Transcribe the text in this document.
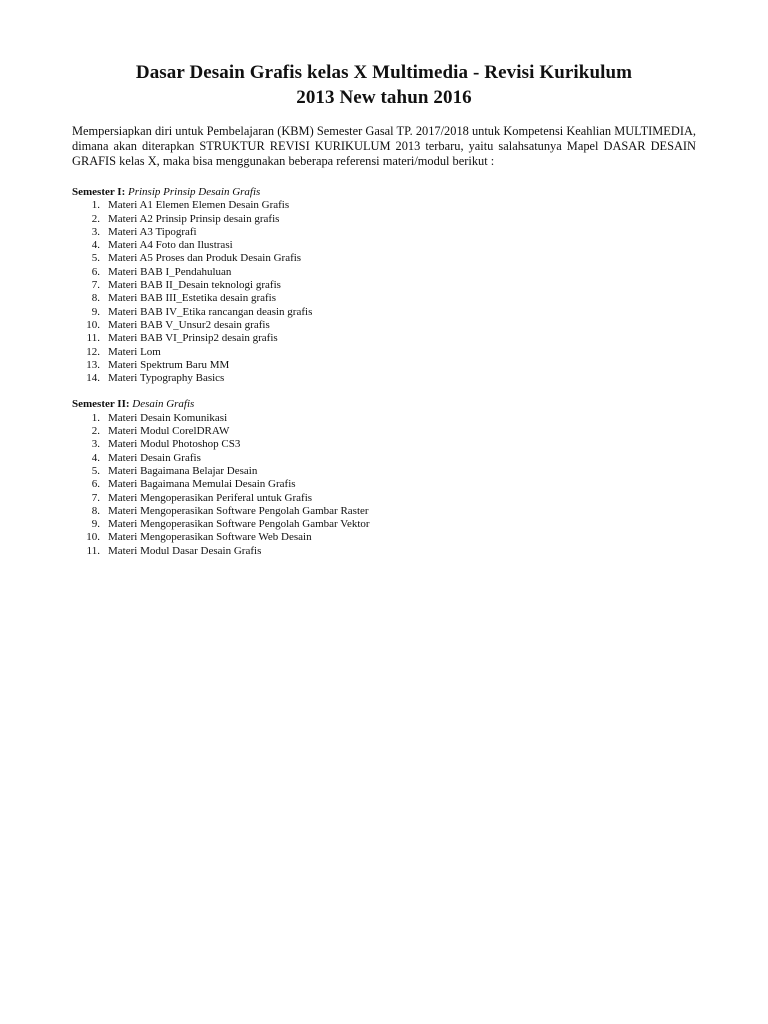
Dasar Desain Grafis kelas X Multimedia - Revisi Kurikulum
2013 New tahun 2016

Mempersiapkan diri untuk Pembelajaran (KBM) Semester Gasal TP. 2017/2018 untuk Kompetensi Keahlian MULTIMEDIA, dimana akan diterapkan STRUKTUR REVISI KURIKULUM 2013 terbaru, yaitu salahsatunya Mapel DASAR DESAIN GRAFIS kelas X, maka bisa menggunakan beberapa referensi materi/modul berikut :

Semester I: Prinsip Prinsip Desain Grafis
1. Materi A1 Elemen Elemen Desain Grafis
2. Materi A2 Prinsip Prinsip desain grafis
3. Materi A3 Tipografi
4. Materi A4 Foto dan Ilustrasi
5. Materi A5 Proses dan Produk Desain Grafis
6. Materi BAB I_Pendahuluan
7. Materi BAB II_Desain teknologi grafis
8. Materi BAB III_Estetika desain grafis
9. Materi BAB IV_Etika rancangan deasin grafis
10. Materi BAB V_Unsur2 desain grafis
11. Materi BAB VI_Prinsip2 desain grafis
12. Materi Lom
13. Materi Spektrum Baru MM
14. Materi Typography Basics
Semester II: Desain Grafis
1. Materi Desain Komunikasi
2. Materi Modul CorelDRAW
3. Materi Modul Photoshop CS3
4. Materi Desain Grafis
5. Materi Bagaimana Belajar Desain
6. Materi Bagaimana Memulai Desain Grafis
7. Materi Mengoperasikan Periferal untuk Grafis
8. Materi Mengoperasikan Software Pengolah Gambar Raster
9. Materi Mengoperasikan Software Pengolah Gambar Vektor
10. Materi Mengoperasikan Software Web Desain
11. Materi Modul Dasar Desain Grafis
